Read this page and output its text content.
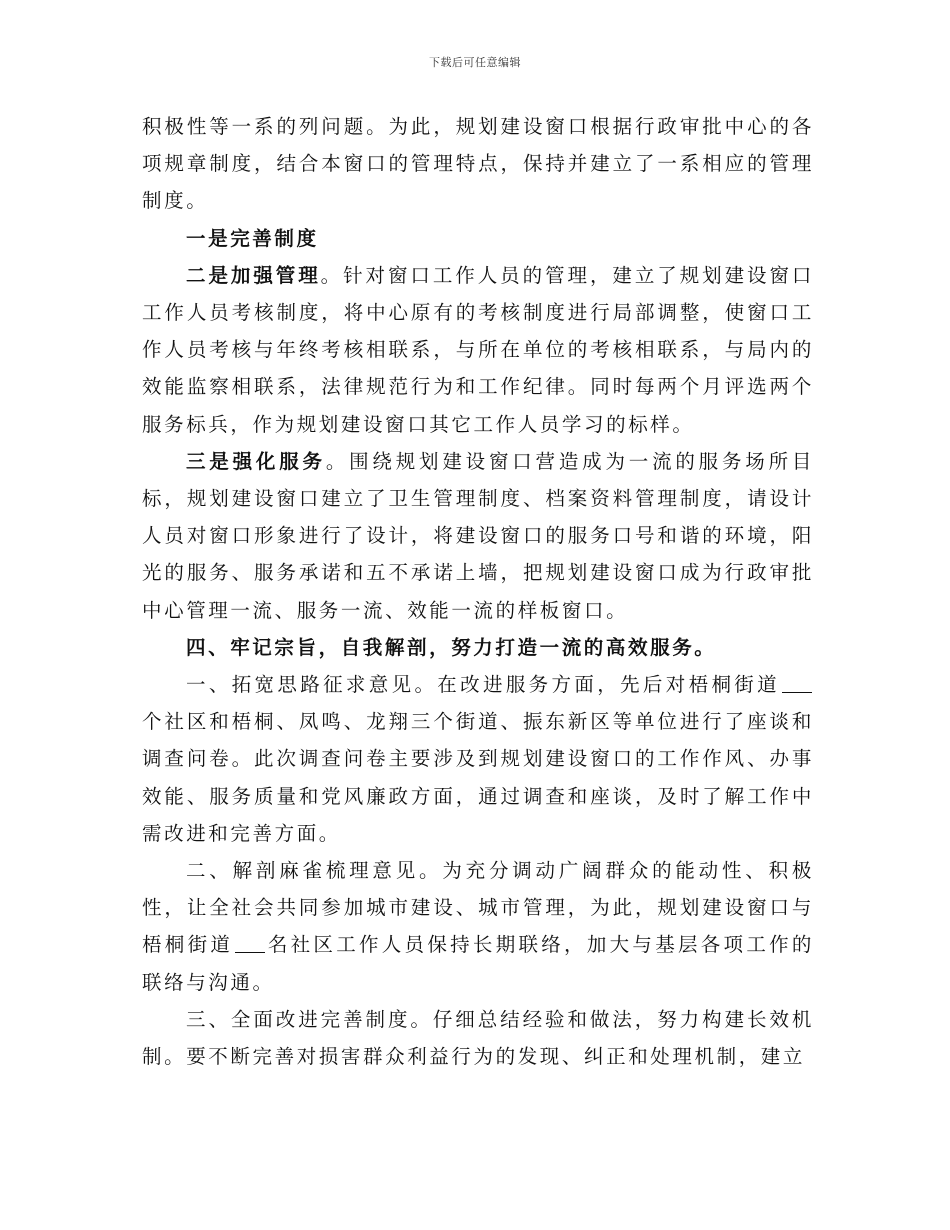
下载后可任意编辑

积极性等一系的列问题。为此，规划建设窗口根据行政审批中心的各项规章制度，结合本窗口的管理特点，保持并建立了一系相应的管理制度。

一是完善制度

二是加强管理。针对窗口工作人员的管理，建立了规划建设窗口工作人员考核制度，将中心原有的考核制度进行局部调整，使窗口工作人员考核与年终考核相联系，与所在单位的考核相联系，与局内的效能监察相联系，法律规范行为和工作纪律。同时每两个月评选两个服务标兵，作为规划建设窗口其它工作人员学习的标样。

三是强化服务。围绕规划建设窗口营造成为一流的服务场所目标，规划建设窗口建立了卫生管理制度、档案资料管理制度，请设计人员对窗口形象进行了设计，将建设窗口的服务口号和谐的环境，阳光的服务、服务承诺和五不承诺上墙，把规划建设窗口成为行政审批中心管理一流、服务一流、效能一流的样板窗口。

四、牢记宗旨，自我解剖，努力打造一流的高效服务。

一、拓宽思路征求意见。在改进服务方面，先后对梧桐街道个社区和梧桐、凤鸣、龙翔三个街道、振东新区等单位进行了座谈和调查问卷。此次调查问卷主要涉及到规划建设窗口的工作作风、办事效能、服务质量和党风廉政方面，通过调查和座谈，及时了解工作中需改进和完善方面。

二、解剖麻雀梳理意见。为充分调动广阔群众的能动性、积极性，让全社会共同参加城市建设、城市管理，为此，规划建设窗口与梧桐街道 名社区工作人员保持长期联络，加大与基层各项工作的联络与沟通。

三、全面改进完善制度。仔细总结经验和做法，努力构建长效机制。要不断完善对损害群众利益行为的发现、纠正和处理机制，建立
